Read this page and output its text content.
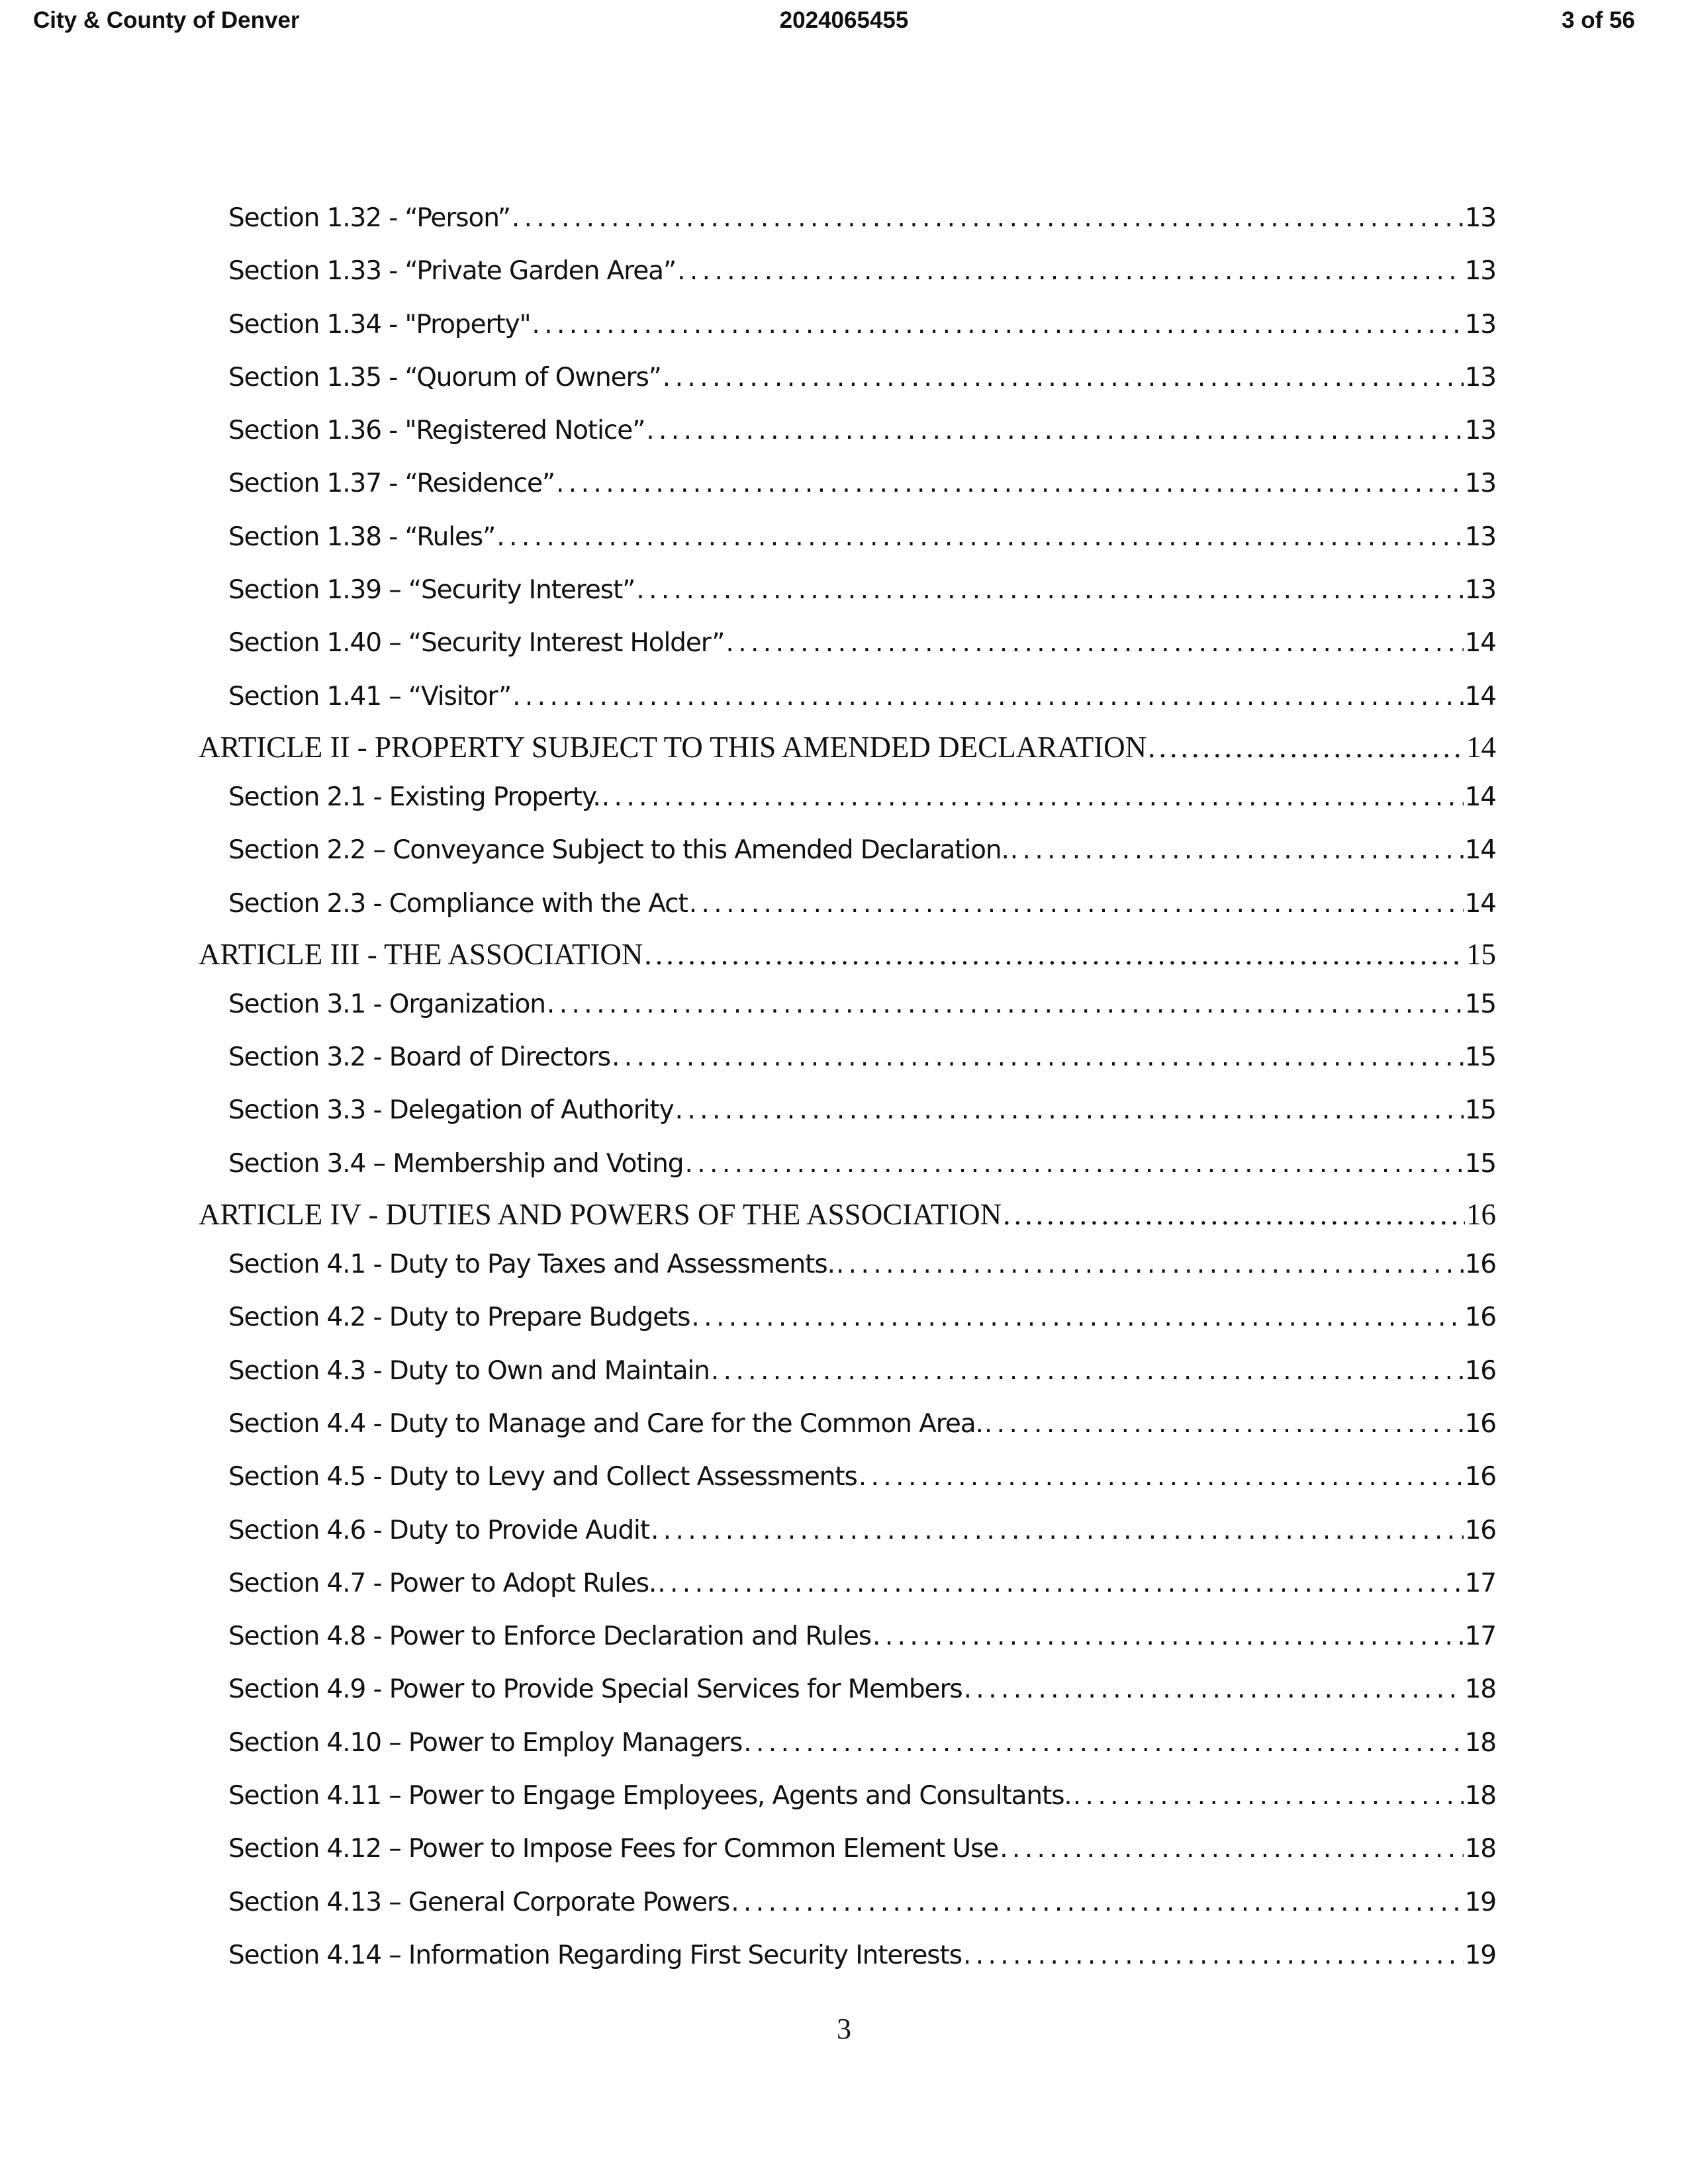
City & County of Denver	2024065455	3 of 56
Section 1.32 - “Person” . . .	13
Section 1.33 - “Private Garden Area” . . .	13
Section 1.34 - "Property" . . .	13
Section 1.35 - “Quorum of Owners” . . .	13
Section 1.36 - "Registered Notice” . . .	13
Section 1.37 - “Residence” . . .	13
Section 1.38 - “Rules” . . .	13
Section 1.39 – “Security Interest” . . .	13
Section 1.40 – “Security Interest Holder” . . .	14
Section 1.41 – “Visitor” . . .	14
ARTICLE II - PROPERTY SUBJECT TO THIS AMENDED DECLARATION . . .	14
Section 2.1 - Existing Property. . . .	14
Section 2.2 – Conveyance Subject to this Amended Declaration. . . .	14
Section 2.3 - Compliance with the Act . . .	14
ARTICLE III - THE ASSOCIATION . . .	15
Section 3.1 - Organization . . .	15
Section 3.2 - Board of Directors . . .	15
Section 3.3 - Delegation of Authority . . .	15
Section 3.4 – Membership and Voting . . .	15
ARTICLE IV - DUTIES AND POWERS OF THE ASSOCIATION . . .	16
Section 4.1 - Duty to Pay Taxes and Assessments. . . .	16
Section 4.2 - Duty to Prepare Budgets . . .	16
Section 4.3 - Duty to Own and Maintain . . .	16
Section 4.4 - Duty to Manage and Care for the Common Area. . . .	16
Section 4.5 - Duty to Levy and Collect Assessments . . .	16
Section 4.6 - Duty to Provide Audit . . .	16
Section 4.7 - Power to Adopt Rules. . . .	17
Section 4.8 - Power to Enforce Declaration and Rules . . .	17
Section 4.9 - Power to Provide Special Services for Members . . .	18
Section 4.10 – Power to Employ Managers . . .	18
Section 4.11 – Power to Engage Employees, Agents and Consultants. . . .	18
Section 4.12 – Power to Impose Fees for Common Element Use . . .	18
Section 4.13 – General Corporate Powers . . .	19
Section 4.14 – Information Regarding First Security Interests . . .	19
3
